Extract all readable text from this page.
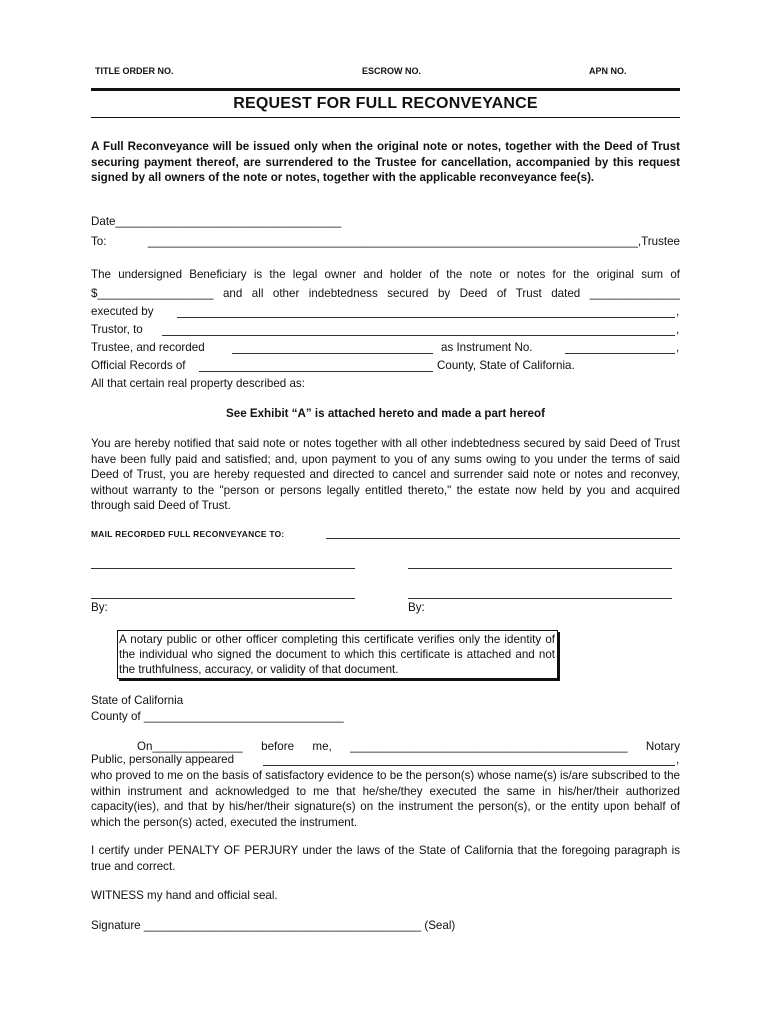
TITLE ORDER NO.	ESCROW NO.	APN NO.
REQUEST FOR FULL RECONVEYANCE
A Full Reconveyance will be issued only when the original note or notes, together with the Deed of Trust securing payment thereof, are surrendered to the Trustee for cancellation, accompanied by this request signed by all owners of the note or notes, together with the applicable reconveyance fee(s).
Date___________________________________
To: ____________________________________________________________________________,Trustee
The undersigned Beneficiary is the legal owner and holder of the note or notes for the original sum of
$__________________ and all other indebtedness secured by Deed of Trust dated ______________
executed by	,
Trustor, to	,
Trustee, and recorded	as Instrument No.	,
Official Records of	County, State of California.
All that certain real property described as:
See Exhibit “A” is attached hereto and made a part hereof
You are hereby notified that said note or notes together with all other indebtedness secured by said Deed of Trust have been fully paid and satisfied; and, upon payment to you of any sums owing to you under the terms of said Deed of Trust, you are hereby requested and directed to cancel and surrender said note or notes and reconvey, without warranty to the "person or persons legally entitled thereto," the estate now held by you and acquired through said Deed of Trust.
MAIL RECORDED FULL RECONVEYANCE TO:
By:	By:
A notary public or other officer completing this certificate verifies only the identity of the individual who signed the document to which this certificate is attached and not the truthfulness, accuracy, or validity of that document.
State of California
County of _______________________________
On______________ before me, ___________________________________________ Notary
Public, personally appeared	,
who proved to me on the basis of satisfactory evidence to be the person(s) whose name(s) is/are subscribed to the within instrument and acknowledged to me that he/she/they executed the same in his/her/their authorized capacity(ies), and that by his/her/their signature(s) on the instrument the person(s), or the entity upon behalf of which the person(s) acted, executed the instrument.
I certify under PENALTY OF PERJURY under the laws of the State of California that the foregoing paragraph is true and correct.
WITNESS my hand and official seal.
Signature ___________________________________________ (Seal)
